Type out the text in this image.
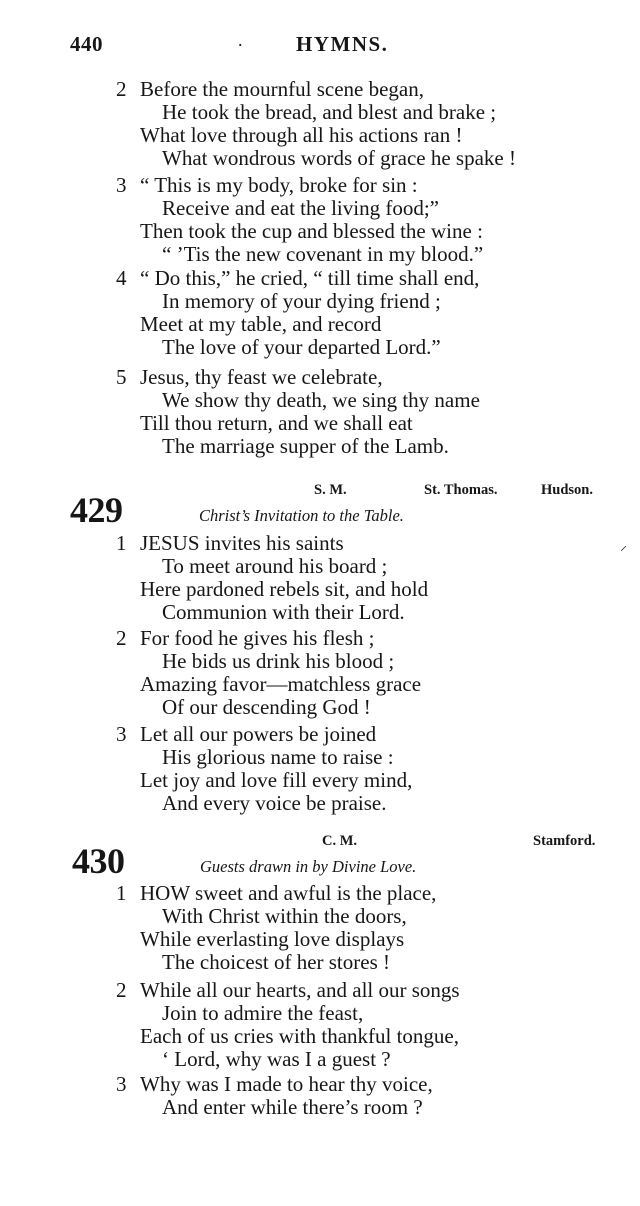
440	.	HYMNS.
2 Before the mournful scene began,
He took the bread, and blest and brake ;
What love through all his actions ran !
What wondrous words of grace he spake !
3 “ This is my body, broke for sin :
Receive and eat the living food;”
Then took the cup and blessed the wine :
“ ’Tis the new covenant in my blood.”
4 “ Do this,” he cried, “ till time shall end,
In memory of your dying friend ;
Meet at my table, and record
The love of your departed Lord.”
5 Jesus, thy feast we celebrate,
We show thy death, we sing thy name
Till thou return, and we shall eat
The marriage supper of the Lamb.
S. M.	St. Thomas.	Hudson.
429	Christ’s Invitation to the Table.
⸝
1 JESUS invites his saints
To meet around his board ;
Here pardoned rebels sit, and hold
Communion with their Lord.
2 For food he gives his flesh ;
He bids us drink his blood ;
Amazing favor—matchless grace
Of our descending God !
3 Let all our powers be joined
His glorious name to raise :
Let joy and love fill every mind,
And every voice be praise.
C. M.	Stamford.
430	Guests drawn in by Divine Love.
1 HOW sweet and awful is the place,
With Christ within the doors,
While everlasting love displays
The choicest of her stores !
2 While all our hearts, and all our songs
Join to admire the feast,
Each of us cries with thankful tongue,
‘ Lord, why was I a guest ?
3 Why was I made to hear thy voice,
And enter while there’s room ?
